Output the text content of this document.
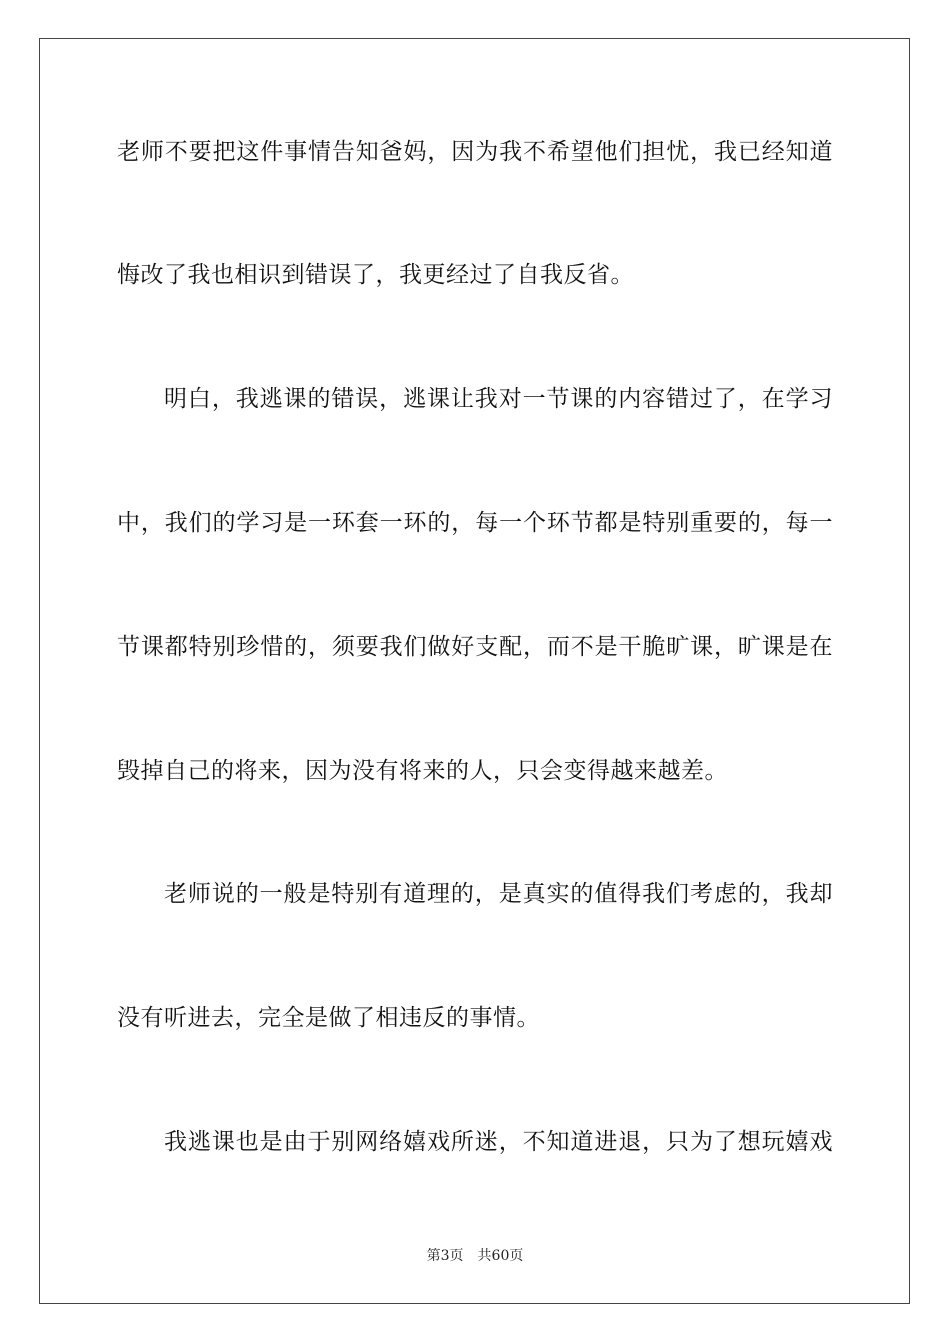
老师不要把这件事情告知爸妈，因为我不希望他们担忧，我已经知道
悔改了我也相识到错误了，我更经过了自我反省。
明白，我逃课的错误，逃课让我对一节课的内容错过了，在学习
中，我们的学习是一环套一环的，每一个环节都是特别重要的，每一
节课都特别珍惜的，须要我们做好支配，而不是干脆旷课，旷课是在
毁掉自己的将来，因为没有将来的人，只会变得越来越差。
老师说的一般是特别有道理的，是真实的值得我们考虑的，我却
没有听进去，完全是做了相违反的事情。
我逃课也是由于别网络嬉戏所迷，不知道进退，只为了想玩嬉戏
第3页 共60页
